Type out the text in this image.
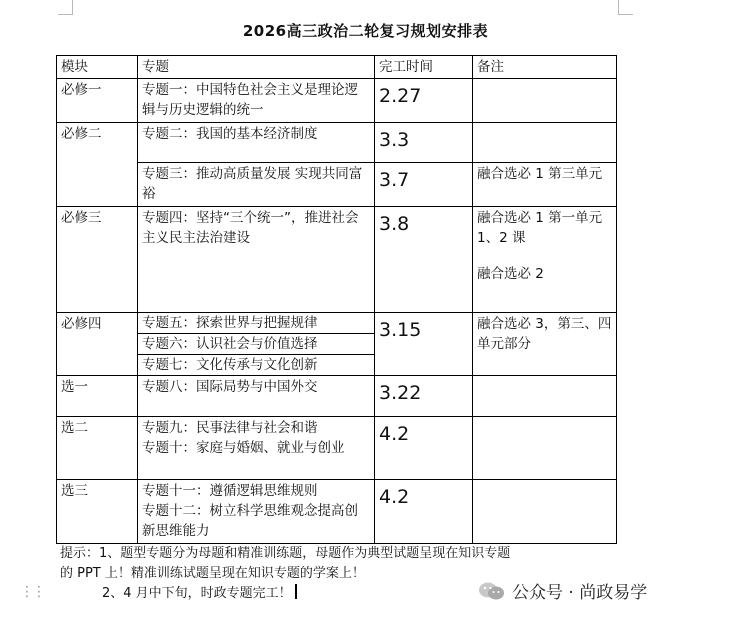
2026高三政治二轮复习规划安排表
模块	专题	完工时间	备注
必修一	专题一：中国特色社会主义是理论逻辑与历史逻辑的统一	2.27	
必修二	专题二：我国的基本经济制度	3.3	
	专题三：推动高质量发展 实现共同富裕	3.7	融合选必 1 第三单元
必修三	专题四：坚持“三个统一”，推进社会主义民主法治建设	3.8	融合选必 1 第一单元 1、2 课
融合选必 2

必修四	专题五：探索世界与把握规律
专题六：认识社会与价值选择
专题七：文化传承与文化创新	3.15	融合选必 3，第三、四单元部分
选一	专题八：国际局势与中国外交	3.22	
选二	专题九：民事法律与社会和谐
专题十：家庭与婚姻、就业与创业	4.2	
选三	专题十一：遵循逻辑思维规则
专题十二：树立科学思维观念提高创新思维能力	4.2	

提示：1、题型专题分为母题和精准训练题，母题作为典型试题呈现在知识专题

的 PPT 上！精准训练试题呈现在知识专题的学案上！

2、4 月中下旬，时政专题完工！

⋮⋮	公众号 · 尚政易学
